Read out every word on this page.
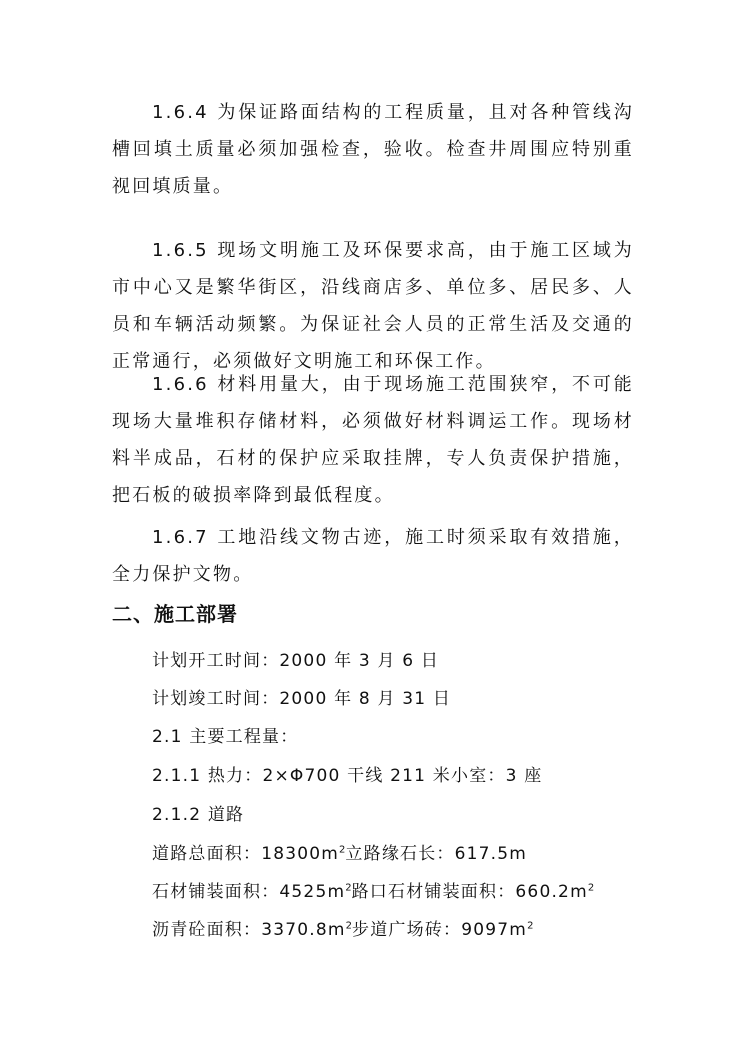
1.6.4 为保证路面结构的工程质量，且对各种管线沟槽回填土质量必须加强检查，验收。检查井周围应特别重视回填质量。

1.6.5 现场文明施工及环保要求高，由于施工区域为市中心又是繁华街区，沿线商店多、单位多、居民多、人员和车辆活动频繁。为保证社会人员的正常生活及交通的正常通行，必须做好文明施工和环保工作。

1.6.6 材料用量大，由于现场施工范围狭窄，不可能现场大量堆积存储材料，必须做好材料调运工作。现场材料半成品，石材的保护应采取挂牌，专人负责保护措施，把石板的破损率降到最低程度。

1.6.7 工地沿线文物古迹，施工时须采取有效措施，全力保护文物。

二、施工部署

计划开工时间：2000 年 3 月 6 日

计划竣工时间：2000 年 8 月 31 日

2.1 主要工程量：

2.1.1 热力：2×Φ700 干线 211 米小室：3 座

2.1.2 道路

道路总面积：$18300m^2$立路缘石长：617.5m

石材铺装面积：$4525m^2$路口石材铺装面积：$660.2m^2$

沥青砼面积：$3370.8m^2$步道广场砖：$9097m^2$
